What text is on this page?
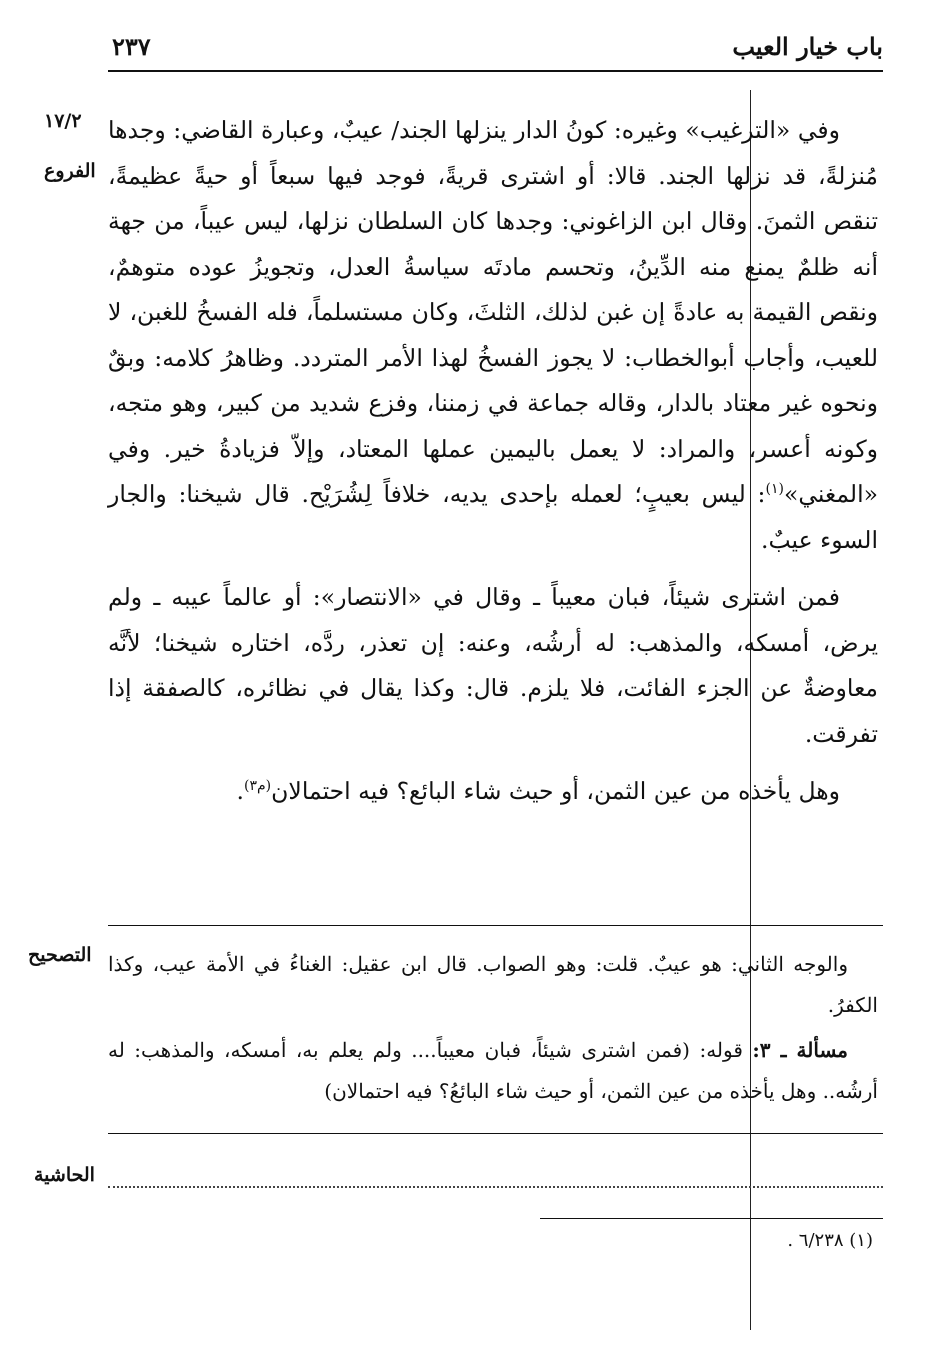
باب خيار العيب
٢٣٧
١٧/٢
الفروع

وفي «الترغيب» وغيره: كونُ الدار ينزلها الجند/ عيبٌ، وعبارة القاضي: وجدها مُنزلةً، قد نزلها الجند. قالا: أو اشترى قريةً، فوجد فيها سبعاً أو حيةً عظيمةً، تنقص الثمنَ. وقال ابن الزاغوني: وجدها كان السلطان نزلها، ليس عيباً، من جهة أنه ظلمٌ يمنع منه الدِّينُ، وتحسم مادتَه سياسةُ العدل، وتجويزُ عوده متوهمٌ، ونقص القيمة به عادةً إن غبن لذلك، الثلثَ، وكان مستسلماً، فله الفسخُ للغبن، لا للعيب، وأجاب أبوالخطاب: لا يجوز الفسخُ لهذا الأمر المتردد. وظاهرُ كلامه: وبقٌ ونحوه غير معتاد بالدار، وقاله جماعة في زمننا، وفزع شديد من كبير، وهو متجه، وكونه أعسر، والمراد: لا يعمل باليمين عملها المعتاد، وإلاّ فزيادةُ خير. وفي «المغني»$^{(١)}$: ليس بعيبٍ؛ لعمله بإحدى يديه، خلافاً لِشُرَيْح. قال شيخنا: والجار السوء عيبٌ.

فمن اشترى شيئاً، فبان معيباً ـ وقال في «الانتصار»: أو عالماً عيبه ـ ولم يرض، أمسكه، والمذهب: له أرشُه، وعنه: إن تعذر، ردَّه، اختاره شيخنا؛ لأنَّه معاوضةٌ عن الجزء الفائت، فلا يلزم. قال: وكذا يقال في نظائره، كالصفقة إذا تفرقت.

وهل يأخذه من عين الثمن، أو حيث شاء البائع؟ فيه احتمالان$^{(م٣)}$.

التصحيح والوجه الثاني: هو عيبٌ. قلت: وهو الصواب. قال ابن عقيل: الغناءُ في الأمة عيب، وكذا الكفرُ.

مسألة ـ ٣: قوله: (فمن اشترى شيئاً، فبان معيباً.... ولم يعلم به، أمسكه، والمذهب: له أرشُه.. وهل يأخذه من عين الثمن، أو حيث شاء البائعُ؟ فيه احتمالان)

الحاشية
(١) ٦/٢٣٨ .
